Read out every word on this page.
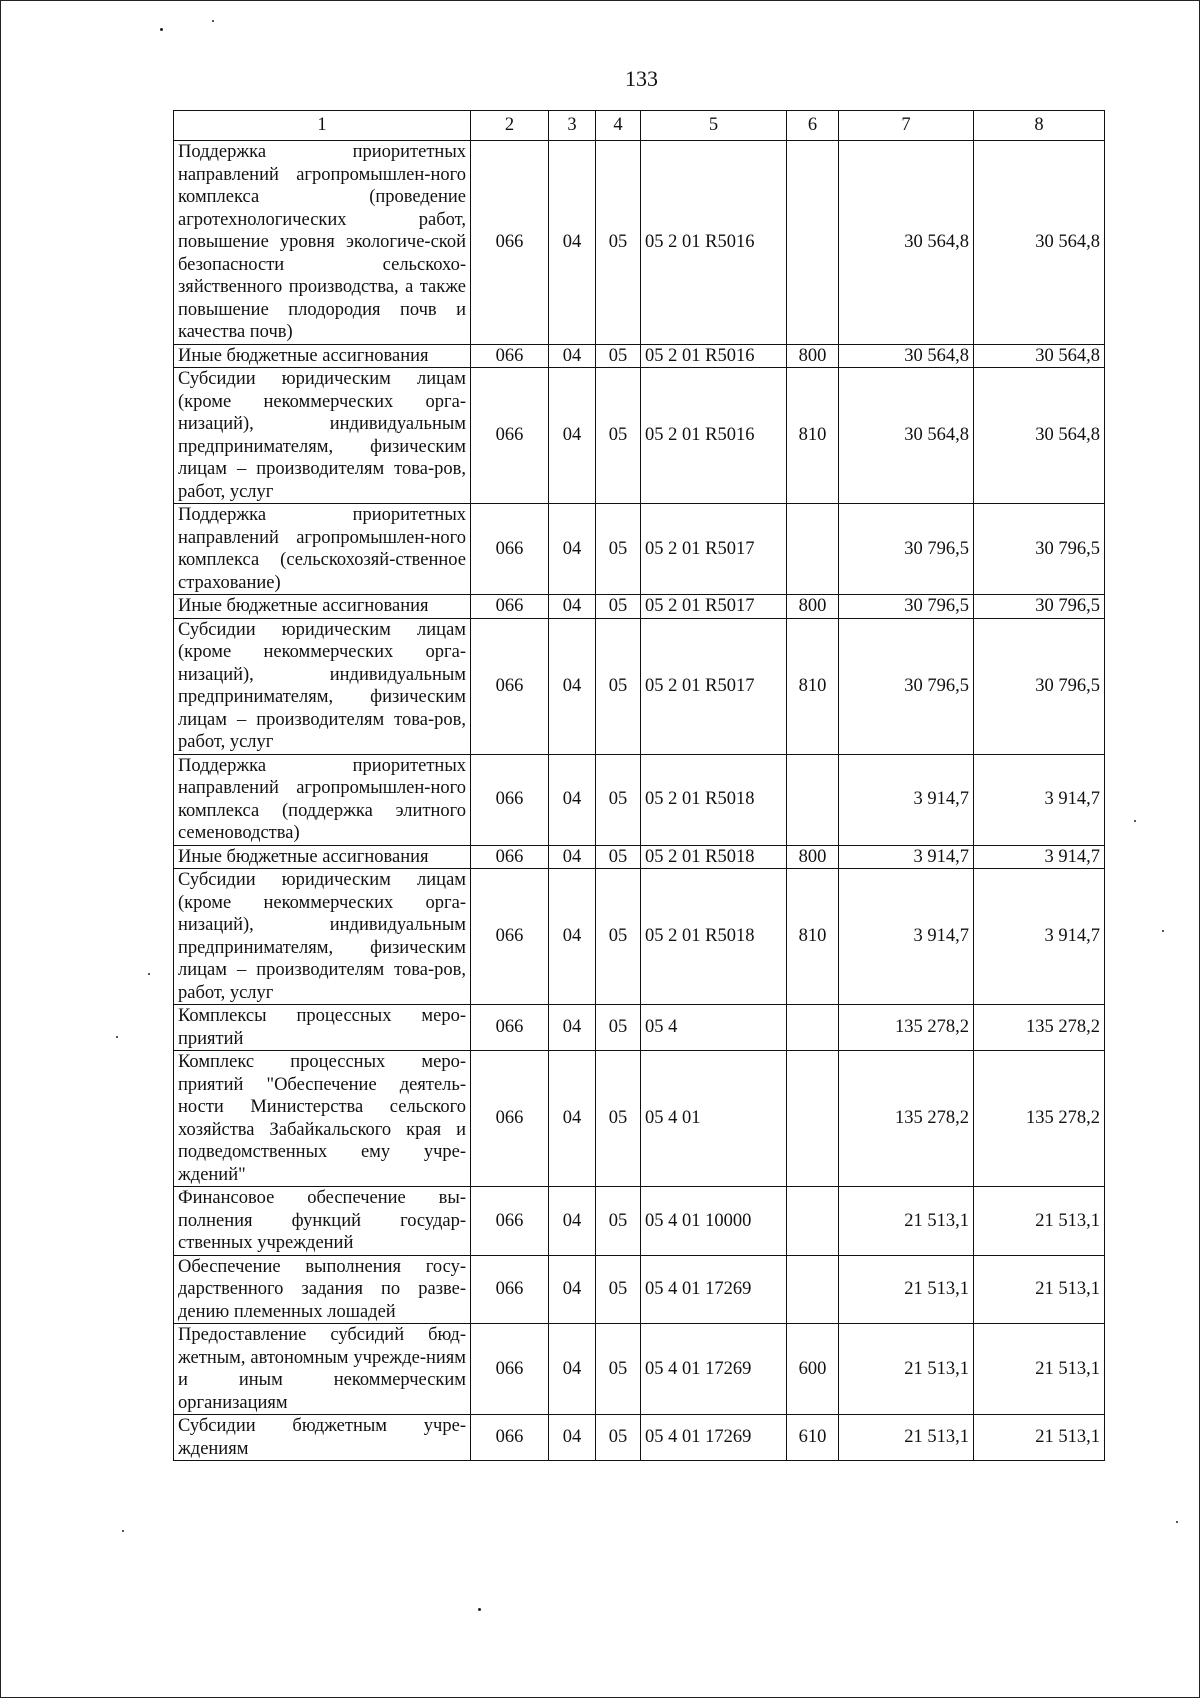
133
1	2	3	4	5	6	7	8
Поддержка приоритетных направлений агропромышлен-ного комплекса (проведение агротехнологических работ, повышение уровня экологиче-ской безопасности сельскохо-зяйственного производства, а также повышение плодородия почв и качества почв)	066	04	05	05 2 01 R5016		30 564,8	30 564,8
Иные бюджетные ассигнования	066	04	05	05 2 01 R5016	800	30 564,8	30 564,8
Субсидии юридическим лицам (кроме некоммерческих орга-низаций), индивидуальным предпринимателям, физическим лицам – производителям това-ров, работ, услуг	066	04	05	05 2 01 R5016	810	30 564,8	30 564,8
Поддержка приоритетных направлений агропромышлен-ного комплекса (сельскохозяй-ственное страхование)	066	04	05	05 2 01 R5017		30 796,5	30 796,5
Иные бюджетные ассигнования	066	04	05	05 2 01 R5017	800	30 796,5	30 796,5
Субсидии юридическим лицам (кроме некоммерческих орга-низаций), индивидуальным предпринимателям, физическим лицам – производителям това-ров, работ, услуг	066	04	05	05 2 01 R5017	810	30 796,5	30 796,5
Поддержка приоритетных направлений агропромышлен-ного комплекса (поддержка элитного семеноводства)	066	04	05	05 2 01 R5018		3 914,7	3 914,7
Иные бюджетные ассигнования	066	04	05	05 2 01 R5018	800	3 914,7	3 914,7
Субсидии юридическим лицам (кроме некоммерческих орга-низаций), индивидуальным предпринимателям, физическим лицам – производителям това-ров, работ, услуг	066	04	05	05 2 01 R5018	810	3 914,7	3 914,7
Комплексы процессных меро-приятий	066	04	05	05 4		135 278,2	135 278,2
Комплекс процессных меро-приятий "Обеспечение деятель-ности Министерства сельского хозяйства Забайкальского края и подведомственных ему учре-ждений"	066	04	05	05 4 01		135 278,2	135 278,2
Финансовое обеспечение вы-полнения функций государ-ственных учреждений	066	04	05	05 4 01 10000		21 513,1	21 513,1
Обеспечение выполнения госу-дарственного задания по разве-дению племенных лошадей	066	04	05	05 4 01 17269		21 513,1	21 513,1
Предоставление субсидий бюд-жетным, автономным учрежде-ниям и иным некоммерческим организациям	066	04	05	05 4 01 17269	600	21 513,1	21 513,1
Субсидии бюджетным учре-ждениям	066	04	05	05 4 01 17269	610	21 513,1	21 513,1
